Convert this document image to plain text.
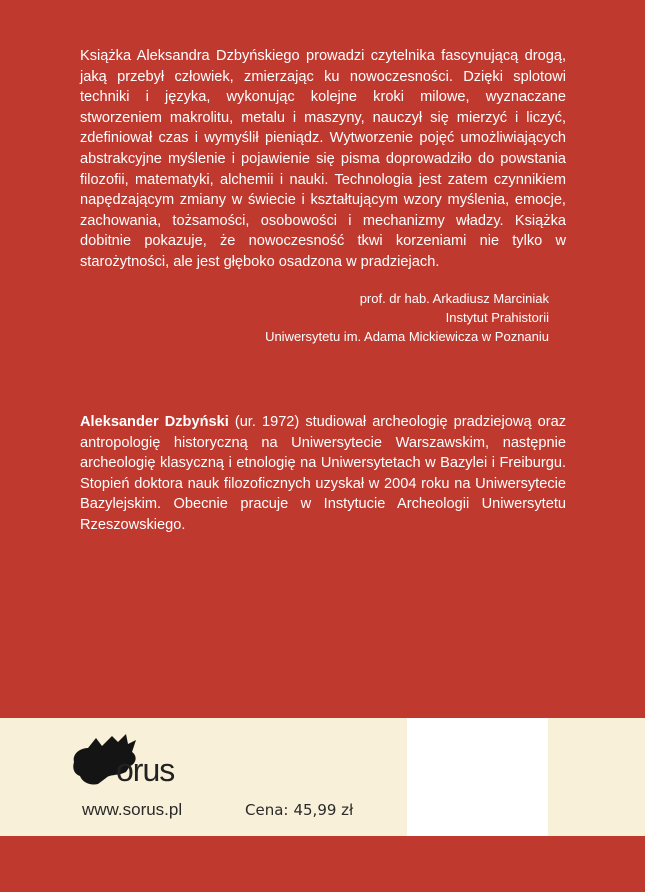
Książka Aleksandra Dzbyńskiego prowadzi czytelnika fascynującą drogą, jaką przebył człowiek, zmierzając ku nowoczesności. Dzięki splotowi techniki i języka, wykonując kolejne kroki milowe, wyznaczane stworzeniem makrolitu, metalu i maszyny, nauczył się mierzyć i liczyć, zdefiniował czas i wymyślił pieniądz. Wytworzenie pojęć umożliwiających abstrakcyjne myślenie i pojawienie się pisma doprowadziło do powstania filozofii, matematyki, alchemii i nauki. Technologia jest zatem czynnikiem napędzającym zmiany w świecie i kształtującym wzory myślenia, emocje, zachowania, tożsamości, osobowości i mechanizmy władzy. Książka dobitnie pokazuje, że nowoczesność tkwi korzeniami nie tylko w starożytności, ale jest głęboko osadzona w pradziejach.

prof. dr hab. Arkadiusz Marciniak
Instytut Prahistorii
Uniwersytetu im. Adama Mickiewicza w Poznaniu

Aleksander Dzbyński (ur. 1972) studiował archeologię pradziejową oraz antropologię historyczną na Uniwersytecie Warszawskim, następnie archeologię klasyczną i etnologię na Uniwersytetach w Bazylei i Freiburgu. Stopień doktora nauk filozoficznych uzyskał w 2004 roku na Uniwersytecie Bazylejskim. Obecnie pracuje w Instytucie Archeologii Uniwersytetu Rzeszowskiego.

orus
www.sorus.pl	Cena: 45,99 zł
